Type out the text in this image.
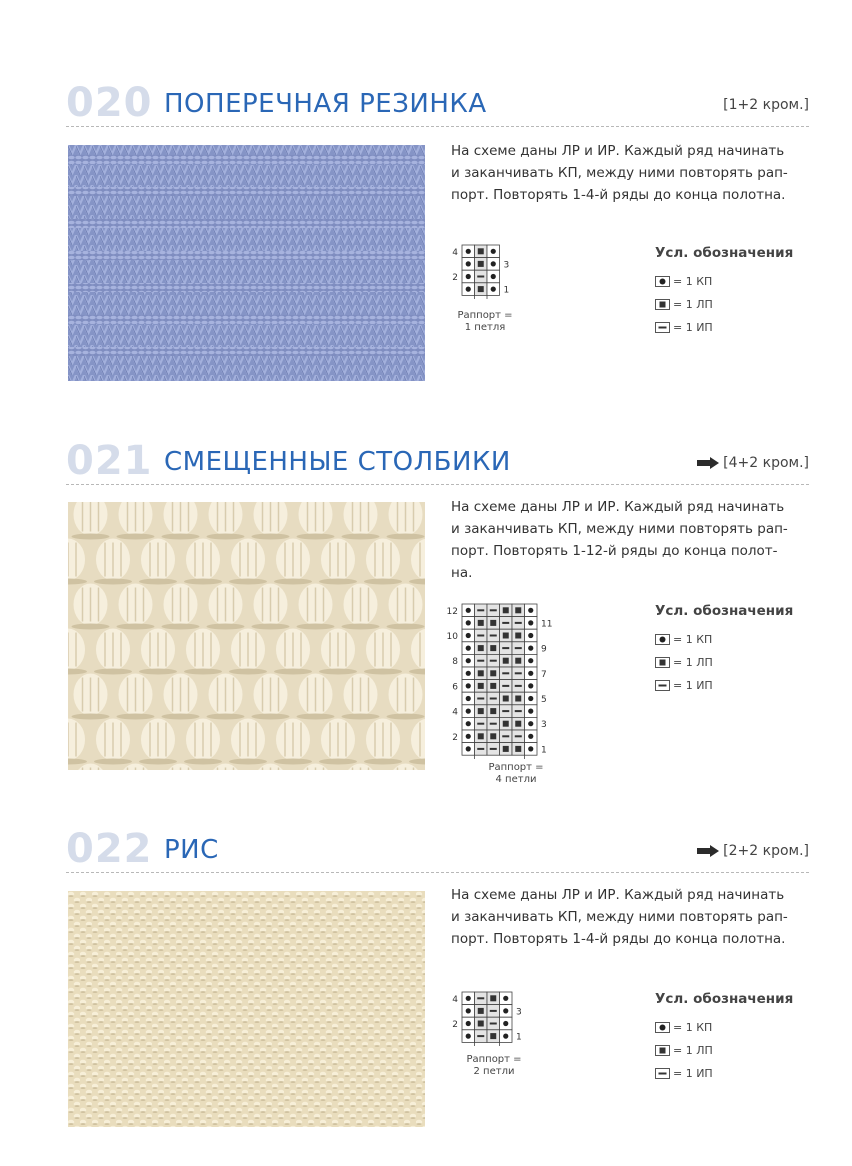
020 ПОПЕРЕЧНАЯ РЕЗИНКА	[1+2 кром.]
На схеме даны ЛР и ИР. Каждый ряд начинать
и заканчивать КП, между ними повторять рап-
порт. Повторять 1-4-й ряды до конца полотна.
4
2
3
1
Раппорт =
1 петля
Усл. обозначения
= 1 КП
= 1 ЛП
= 1 ИП
021 СМЕЩЕННЫЕ СТОЛБИКИ	[4+2 кром.]
На схеме даны ЛР и ИР. Каждый ряд начинать
и заканчивать КП, между ними повторять рап-
порт. Повторять 1-12-й ряды до конца полот-
на.
12
10
8
6
4
2
11
9
7
5
3
1
Раппорт =
4 петли
Усл. обозначения
= 1 КП
= 1 ЛП
= 1 ИП
022 РИС	[2+2 кром.]
На схеме даны ЛР и ИР. Каждый ряд начинать
и заканчивать КП, между ними повторять рап-
порт. Повторять 1-4-й ряды до конца полотна.
4
2
3
1
Раппорт =
2 петли
Усл. обозначения
= 1 КП
= 1 ЛП
= 1 ИП
